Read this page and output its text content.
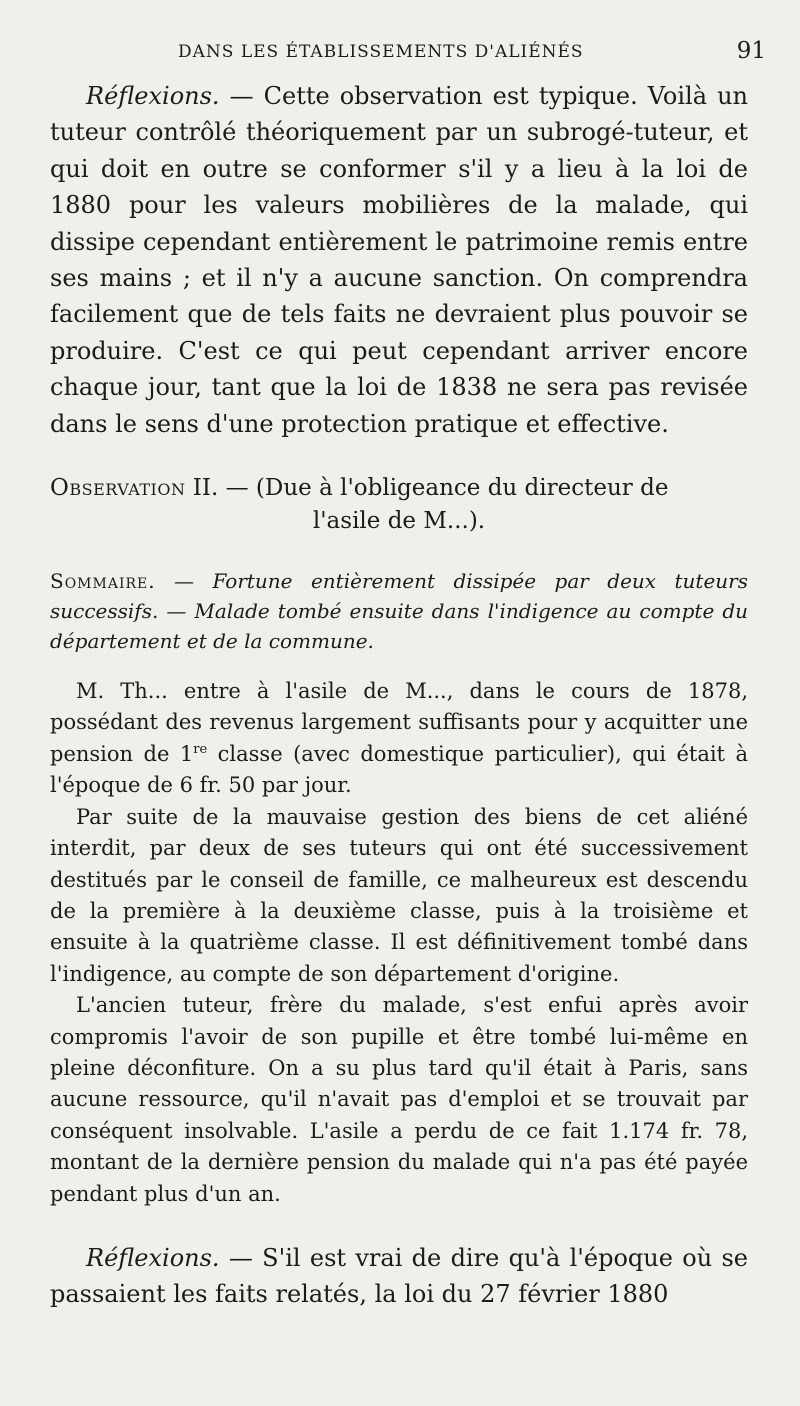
DANS LES ÉTABLISSEMENTS D'ALIÉNÉS	91

Réflexions. — Cette observation est typique. Voilà un tuteur contrôlé théoriquement par un subrogé-tuteur, et qui doit en outre se conformer s'il y a lieu à la loi de 1880 pour les valeurs mobilières de la malade, qui dissipe cependant entièrement le patrimoine remis entre ses mains ; et il n'y a aucune sanction. On comprendra facilement que de tels faits ne devraient plus pouvoir se produire. C'est ce qui peut cependant arriver encore chaque jour, tant que la loi de 1838 ne sera pas revisée dans le sens d'une protection pratique et effective.

Observation II. — (Due à l'obligeance du directeur de

l'asile de M...).

Sommaire. — Fortune entièrement dissipée par deux tuteurs successifs. — Malade tombé ensuite dans l'indigence au compte du département et de la commune.

M. Th... entre à l'asile de M..., dans le cours de 1878, possédant des revenus largement suffisants pour y acquitter une pension de 1re classe (avec domestique particulier), qui était à l'époque de 6 fr. 50 par jour.

Par suite de la mauvaise gestion des biens de cet aliéné interdit, par deux de ses tuteurs qui ont été successivement destitués par le conseil de famille, ce malheureux est descendu de la première à la deuxième classe, puis à la troisième et ensuite à la quatrième classe. Il est définitivement tombé dans l'indigence, au compte de son département d'origine.

L'ancien tuteur, frère du malade, s'est enfui après avoir compromis l'avoir de son pupille et être tombé lui-même en pleine déconfiture. On a su plus tard qu'il était à Paris, sans aucune ressource, qu'il n'avait pas d'emploi et se trouvait par conséquent insolvable. L'asile a perdu de ce fait 1.174 fr. 78, montant de la dernière pension du malade qui n'a pas été payée pendant plus d'un an.

Réflexions. — S'il est vrai de dire qu'à l'époque où se passaient les faits relatés, la loi du 27 février 1880
